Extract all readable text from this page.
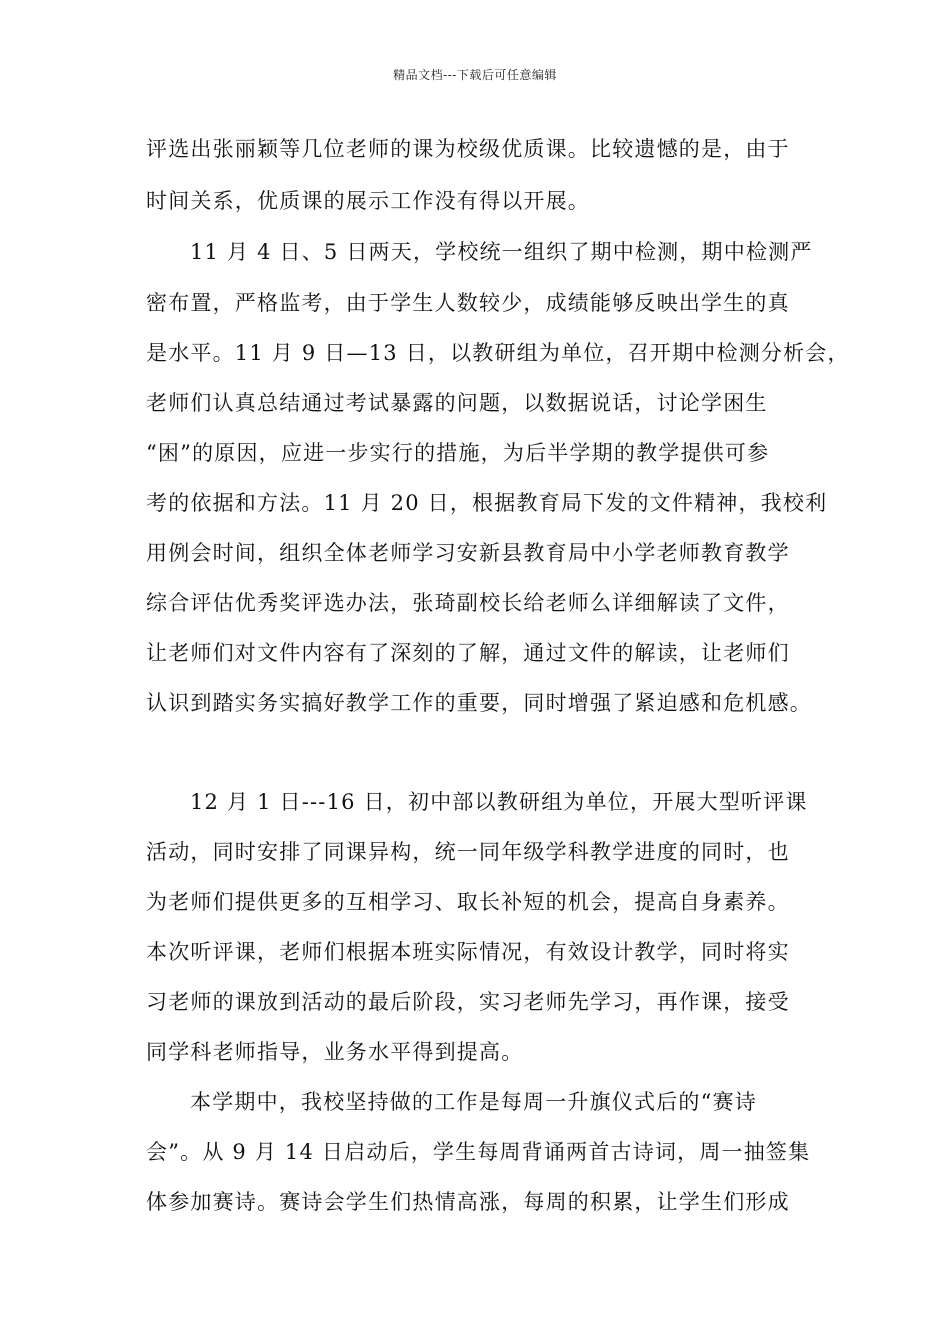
精品文档---下载后可任意编辑
评选出张丽颖等几位老师的课为校级优质课。比较遗憾的是，由于
时间关系，优质课的展示工作没有得以开展。
11 月 4 日、5 日两天，学校统一组织了期中检测，期中检测严
密布置，严格监考，由于学生人数较少，成绩能够反映出学生的真
是水平。11 月 9 日—13 日，以教研组为单位，召开期中检测分析会，
老师们认真总结通过考试暴露的问题，以数据说话，讨论学困生
“困”的原因，应进一步实行的措施，为后半学期的教学提供可参
考的依据和方法。11 月 20 日，根据教育局下发的文件精神，我校利
用例会时间，组织全体老师学习安新县教育局中小学老师教育教学
综合评估优秀奖评选办法，张琦副校长给老师么详细解读了文件，
让老师们对文件内容有了深刻的了解，通过文件的解读，让老师们
认识到踏实务实搞好教学工作的重要，同时增强了紧迫感和危机感。
12 月 1 日---16 日，初中部以教研组为单位，开展大型听评课
活动，同时安排了同课异构，统一同年级学科教学进度的同时，也
为老师们提供更多的互相学习、取长补短的机会，提高自身素养。
本次听评课，老师们根据本班实际情况，有效设计教学，同时将实
习老师的课放到活动的最后阶段，实习老师先学习，再作课，接受
同学科老师指导，业务水平得到提高。
本学期中，我校坚持做的工作是每周一升旗仪式后的“赛诗
会”。从 9 月 14 日启动后，学生每周背诵两首古诗词，周一抽签集
体参加赛诗。赛诗会学生们热情高涨，每周的积累，让学生们形成
